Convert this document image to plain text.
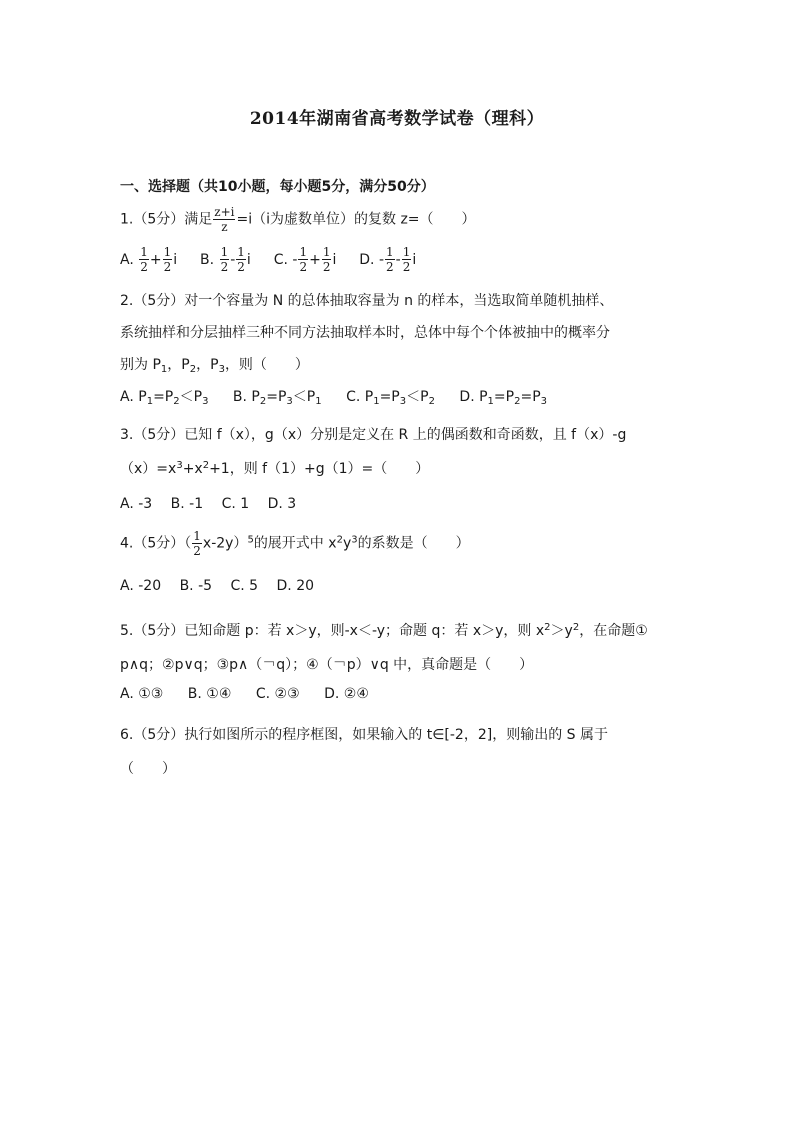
2014年湖南省高考数学试卷（理科）
一、选择题（共10小题，每小题5分，满分50分）
1.（5分）满足 $\frac{z+i}{z} =i(i$为虚数单位）的复数 z=（　　）
A. $\frac{1}{2} + \frac{1}{2}$ i B. $\frac{1}{2} - \frac{1}{2}$ i C. - $\frac{1}{2} + \frac{1}{2}$ i D. - $\frac{1}{2} - \frac{1}{2}$ i
2.（5分）对一个容量为 N 的总体抽取容量为 n 的样本，当选取简单随机抽样、
系统抽样和分层抽样三种不同方法抽取样本时，总体中每个个体被抽中的概率分
别为 $P_1$，$P_2$，$P_3$，则（　　）
A. $P_1=P_2<P_3$ B. $P_2=P_3<P_1$ C. $P_1=P_3<P_2$ D. $P_1=P_2=P_3$
3.（5分）已知 f（x），g（x）分别是定义在 R 上的偶函数和奇函数，且 f（x）-g
$(x)=x^3+x^2+1$，则 f（1）+g（1）=（　　）
A. -3 B. -1 C. 1 D. 3
4.（5分）（ $\frac{1}{2} x-2y)^5$的展开式中 $x^2y^3$的系数是（　　）
A. -20 B. -5 C. 5 D. 20
5.（5分）已知命题 p：若 x＞y，则-x＜-y；命题 q：若 x＞y，则 $x^2>y^2$，在命题①
p∧q；②p∨q；③p∧（￢q）；④（￢p）∨q 中，真命题是（　　）
A. ①③ B. ①④ C. ②③ D. ②④
6.（5分）执行如图所示的程序框图，如果输入的 t∈[-2，2]，则输出的 S 属于
（　　）
